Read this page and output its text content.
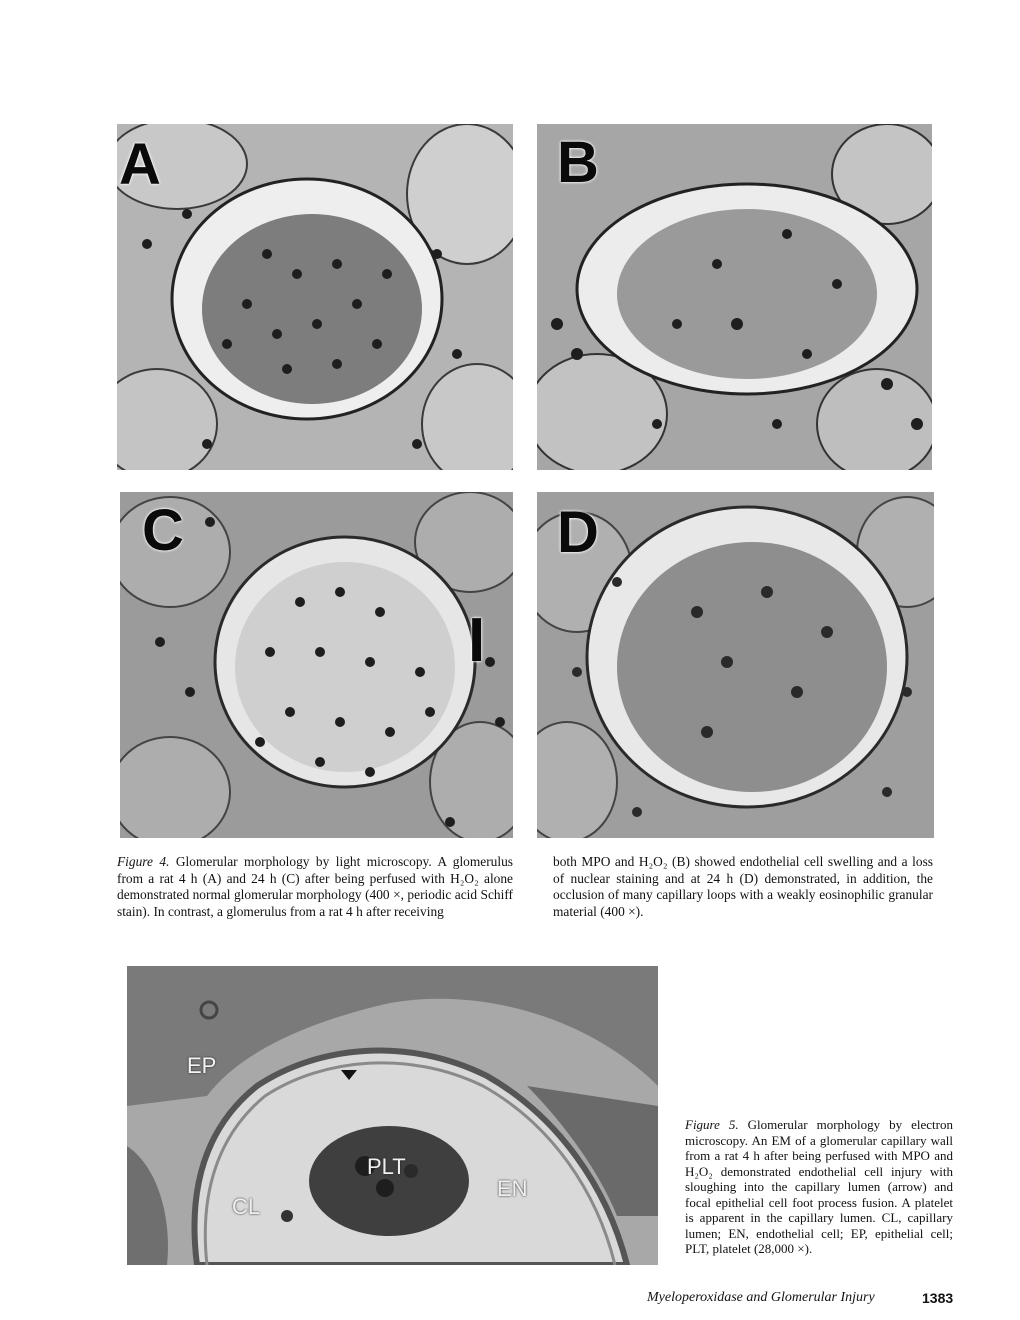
A	B
C
I
D
Figure 4. Glomerular morphology by light microscopy. A glomerulus from a rat 4 h (A) and 24 h (C) after being perfused with H₂O₂ alone demonstrated normal glomerular morphology (400 ×, periodic acid Schiff stain). In contrast, a glomerulus from a rat 4 h after receiving
both MPO and H₂O₂ (B) showed endothelial cell swelling and a loss of nuclear staining and at 24 h (D) demonstrated, in addition, the occlusion of many capillary loops with a weakly eosinophilic granular material (400 ×).
EP
CL
PLT
EN
Figure 5. Glomerular morphology by electron microscopy. An EM of a glomerular capillary wall from a rat 4 h after being perfused with MPO and H₂O₂ demonstrated endothelial cell injury with sloughing into the capillary lumen (arrow) and focal epithelial cell foot process fusion. A platelet is apparent in the capillary lumen. CL, capillary lumen; EN, endothelial cell; EP, epithelial cell; PLT, platelet (28,000 ×).
Myeloperoxidase and Glomerular Injury	1383
